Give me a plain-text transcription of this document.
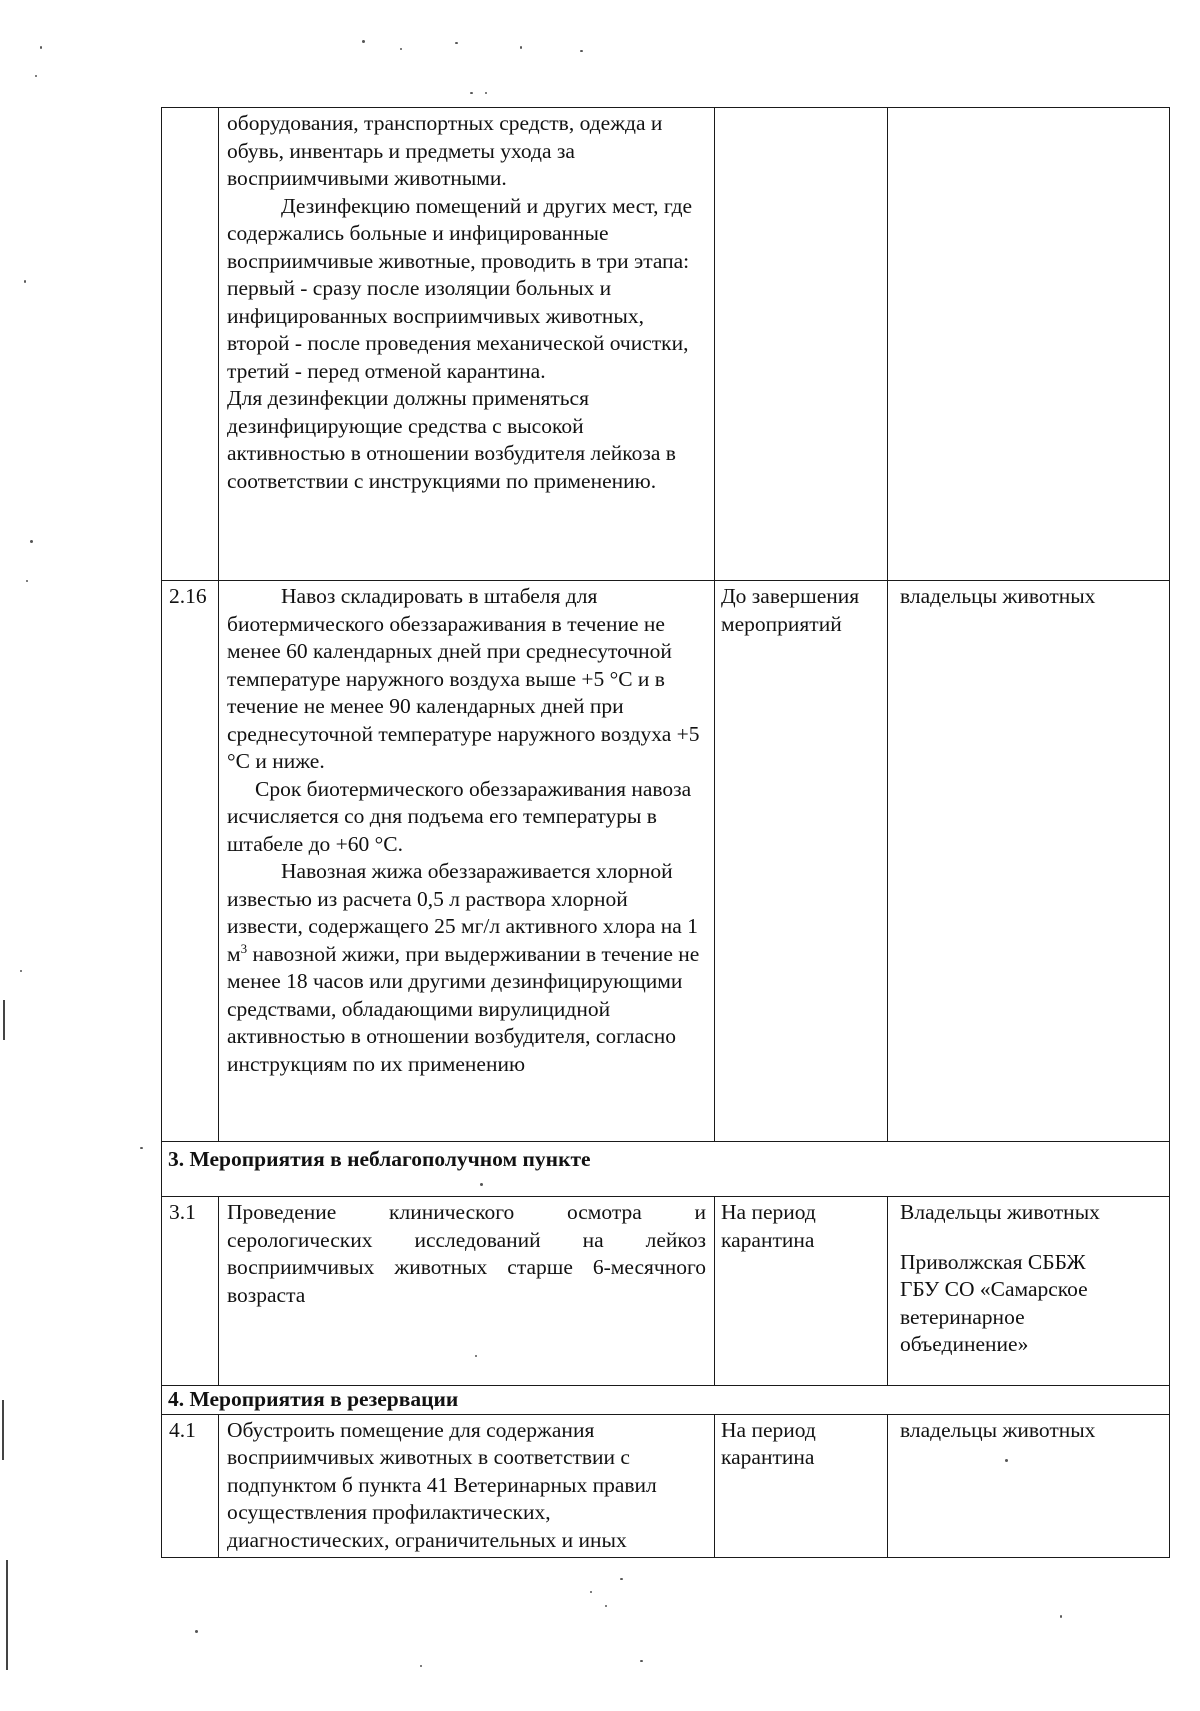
	оборудования, транспортных средств, одежда и обувь, инвентарь и предметы ухода за восприимчивыми животными.

Дезинфекцию помещений и других мест, где содержались больные и инфицированные восприимчивые животные, проводить в три этапа: первый - сразу после изоляции больных и инфицированных восприимчивых животных, второй - после проведения механической очистки, третий - перед отменой карантина.

Для дезинфекции должны применяться дезинфицирующие средства с высокой активностью в отношении возбудителя лейкоза в соответствии с инструкциями по применению.		

2.16	Навоз складировать в штабеля для биотермического обеззараживания в течение не менее 60 календарных дней при среднесуточной температуре наружного воздуха выше +5 °С и в течение не менее 90 календарных дней при среднесуточной температуре наружного воздуха +5 °С и ниже.

Срок биотермического обеззараживания навоза исчисляется со дня подъема его температуры в штабеле до +60 °С.

Навозная жижа обеззараживается хлорной известью из расчета 0,5 л раствора хлорной извести, содержащего 25 мг/л активного хлора на 1 $м^3$ навозной жижи, при выдерживании в течение не менее 18 часов или другими дезинфицирующими средствами, обладающими вирулицидной активностью в отношении возбудителя, согласно инструкциям по их применению	До завершения мероприятий	владельцы животных
3. Мероприятия в неблагополучном пункте			
3.1	Проведение клинического осмотра и серологических исследований на лейкоз восприимчивых животных старше 6-месячного возраста	На период карантина	Владельцы животных

Приволжская СББЖ ГБУ СО «Самарское ветеринарное объединение»

4. Мероприятия в резервации			
4.1	Обустроить помещение для содержания восприимчивых животных в соответствии с подпунктом б пункта 41 Ветеринарных правил осуществления профилактических, диагностических, ограничительных и иных	На период карантина	владельцы животных
